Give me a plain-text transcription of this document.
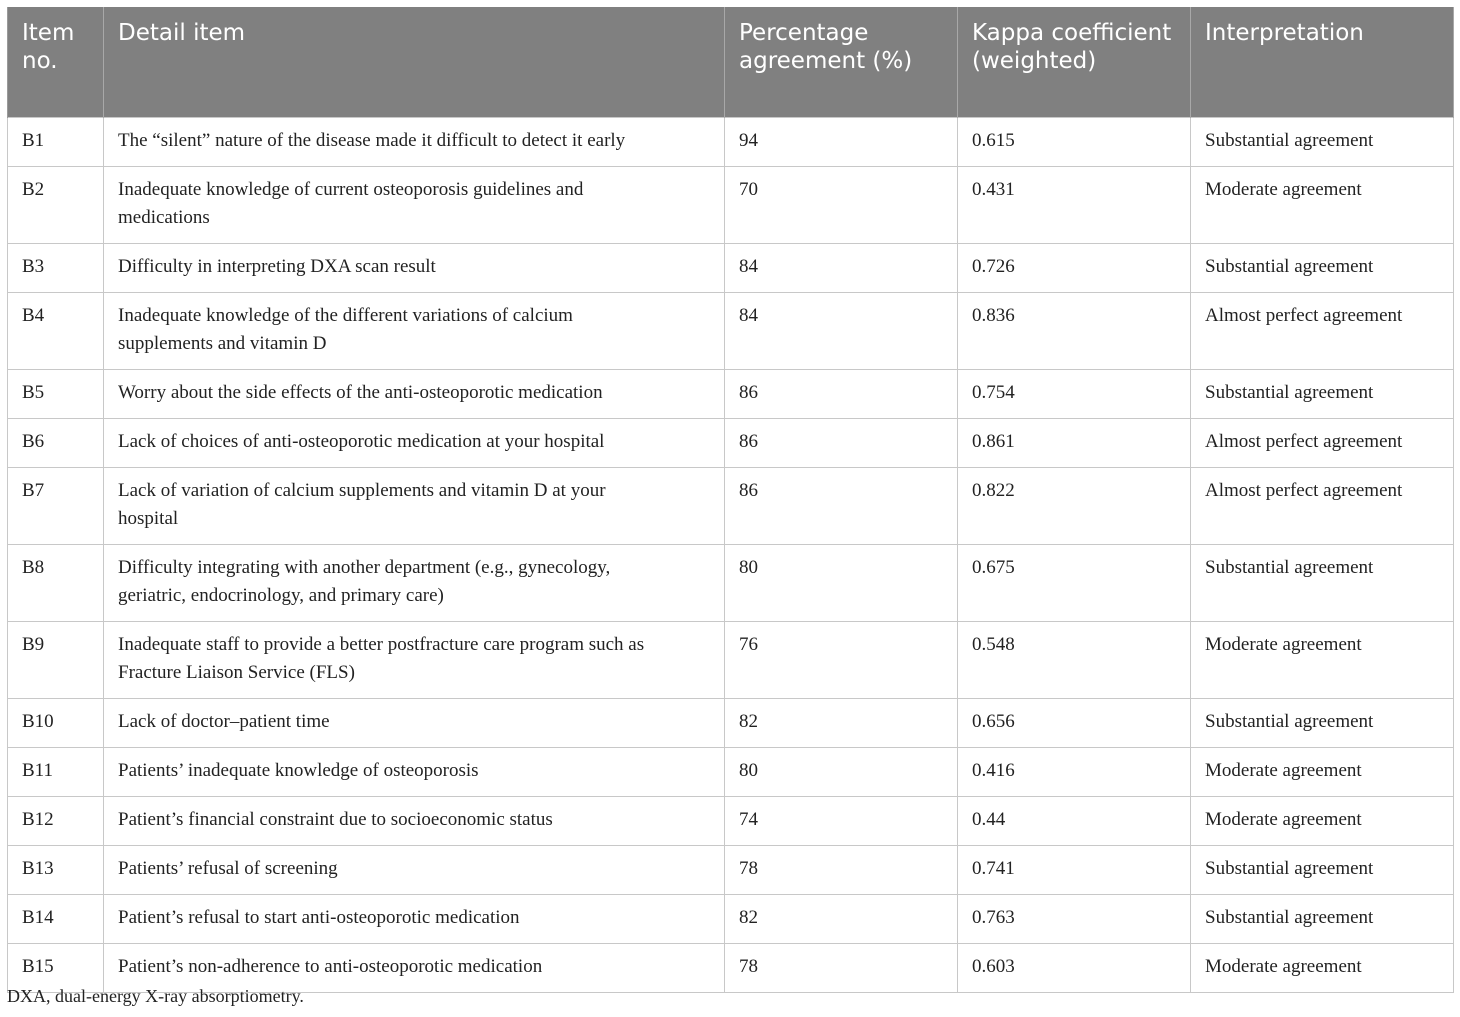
Item no.	Detail item	Percentage agreement (%)	Kappa coefficient (weighted)	Interpretation
B1	The “silent” nature of the disease made it difficult to detect it early	94	0.615	Substantial agreement
B2	Inadequate knowledge of current osteoporosis guidelines and medications	70	0.431	Moderate agreement
B3	Difficulty in interpreting DXA scan result	84	0.726	Substantial agreement
B4	Inadequate knowledge of the different variations of calcium supplements and vitamin D	84	0.836	Almost perfect agreement
B5	Worry about the side effects of the anti-osteoporotic medication	86	0.754	Substantial agreement
B6	Lack of choices of anti-osteoporotic medication at your hospital	86	0.861	Almost perfect agreement
B7	Lack of variation of calcium supplements and vitamin D at your hospital	86	0.822	Almost perfect agreement
B8	Difficulty integrating with another department (e.g., gynecology, geriatric, endocrinology, and primary care)	80	0.675	Substantial agreement
B9	Inadequate staff to provide a better postfracture care program such as Fracture Liaison Service (FLS)	76	0.548	Moderate agreement
B10	Lack of doctor–patient time	82	0.656	Substantial agreement
B11	Patients’ inadequate knowledge of osteoporosis	80	0.416	Moderate agreement
B12	Patient’s financial constraint due to socioeconomic status	74	0.44	Moderate agreement
B13	Patients’ refusal of screening	78	0.741	Substantial agreement
B14	Patient’s refusal to start anti-osteoporotic medication	82	0.763	Substantial agreement
B15	Patient’s non-adherence to anti-osteoporotic medication	78	0.603	Moderate agreement
DXA, dual-energy X-ray absorptiometry.
